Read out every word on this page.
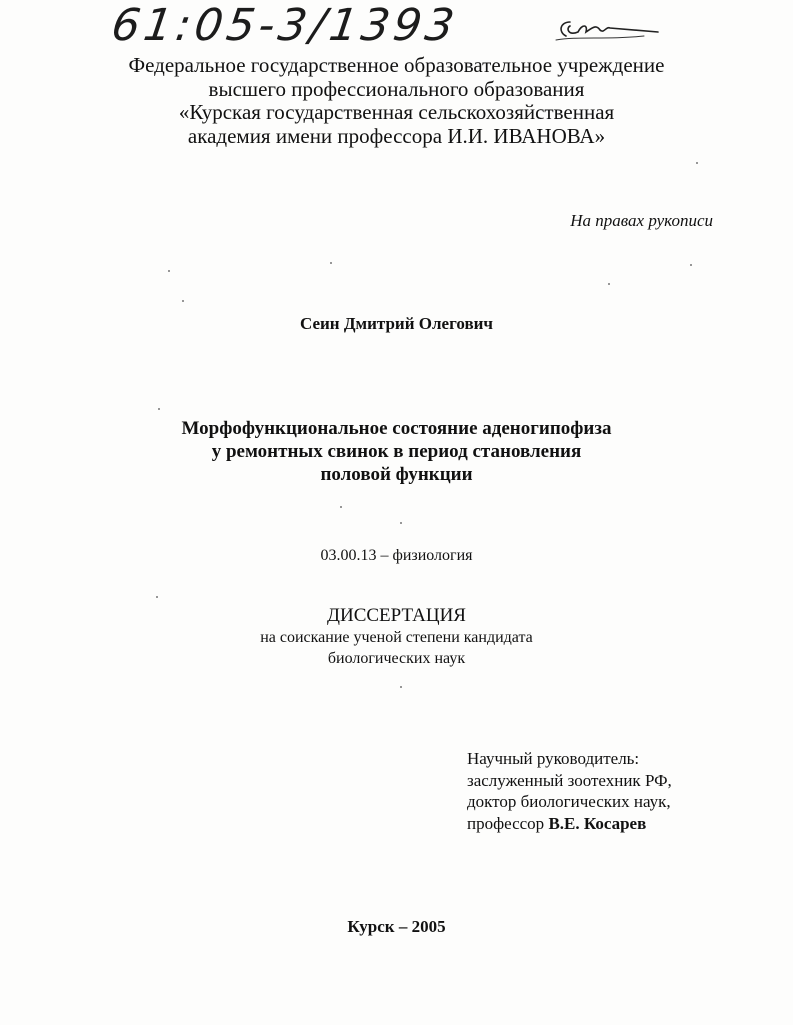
61:05-3/1393
Федеральное государственное образовательное учреждение
высшего профессионального образования
«Курская государственная сельскохозяйственная
академия имени профессора И.И. ИВАНОВА»
На правах рукописи
Сеин Дмитрий Олегович
Морфофункциональное состояние аденогипофиза
у ремонтных свинок в период становления
половой функции
03.00.13 – физиология
ДИССЕРТАЦИЯ
на соискание ученой степени кандидата
биологических наук
Научный руководитель:
заслуженный зоотехник РФ,
доктор биологических наук,
профессор В.Е. Косарев
Курск – 2005
